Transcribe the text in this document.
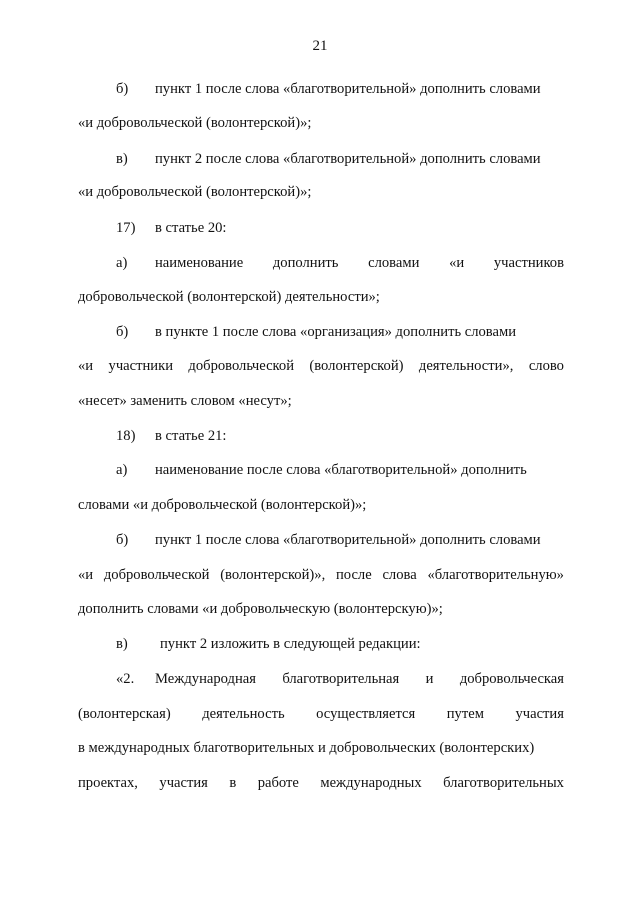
21
б) пункт 1 после слова «благотворительной» дополнить словами
«и добровольческой (волонтерской)»;
в) пункт 2 после слова «благотворительной» дополнить словами
«и добровольческой (волонтерской)»;
17) в статье 20:
а) наименование дополнить словами «и участников
добровольческой (волонтерской) деятельности»;
б) в пункте 1 после слова «организация» дополнить словами
«и участники добровольческой (волонтерской) деятельности», слово
«несет» заменить словом «несут»;
18) в статье 21:
а) наименование после слова «благотворительной» дополнить
словами «и добровольческой (волонтерской)»;
б) пункт 1 после слова «благотворительной» дополнить словами
«и добровольческой (волонтерской)», после слова «благотворительную»
дополнить словами «и добровольческую (волонтерскую)»;
в) пункт 2 изложить в следующей редакции:
«2. Международная благотворительная и добровольческая
(волонтерская) деятельность осуществляется путем участия
в международных благотворительных и добровольческих (волонтерских)
проектах, участия в работе международных благотворительных
